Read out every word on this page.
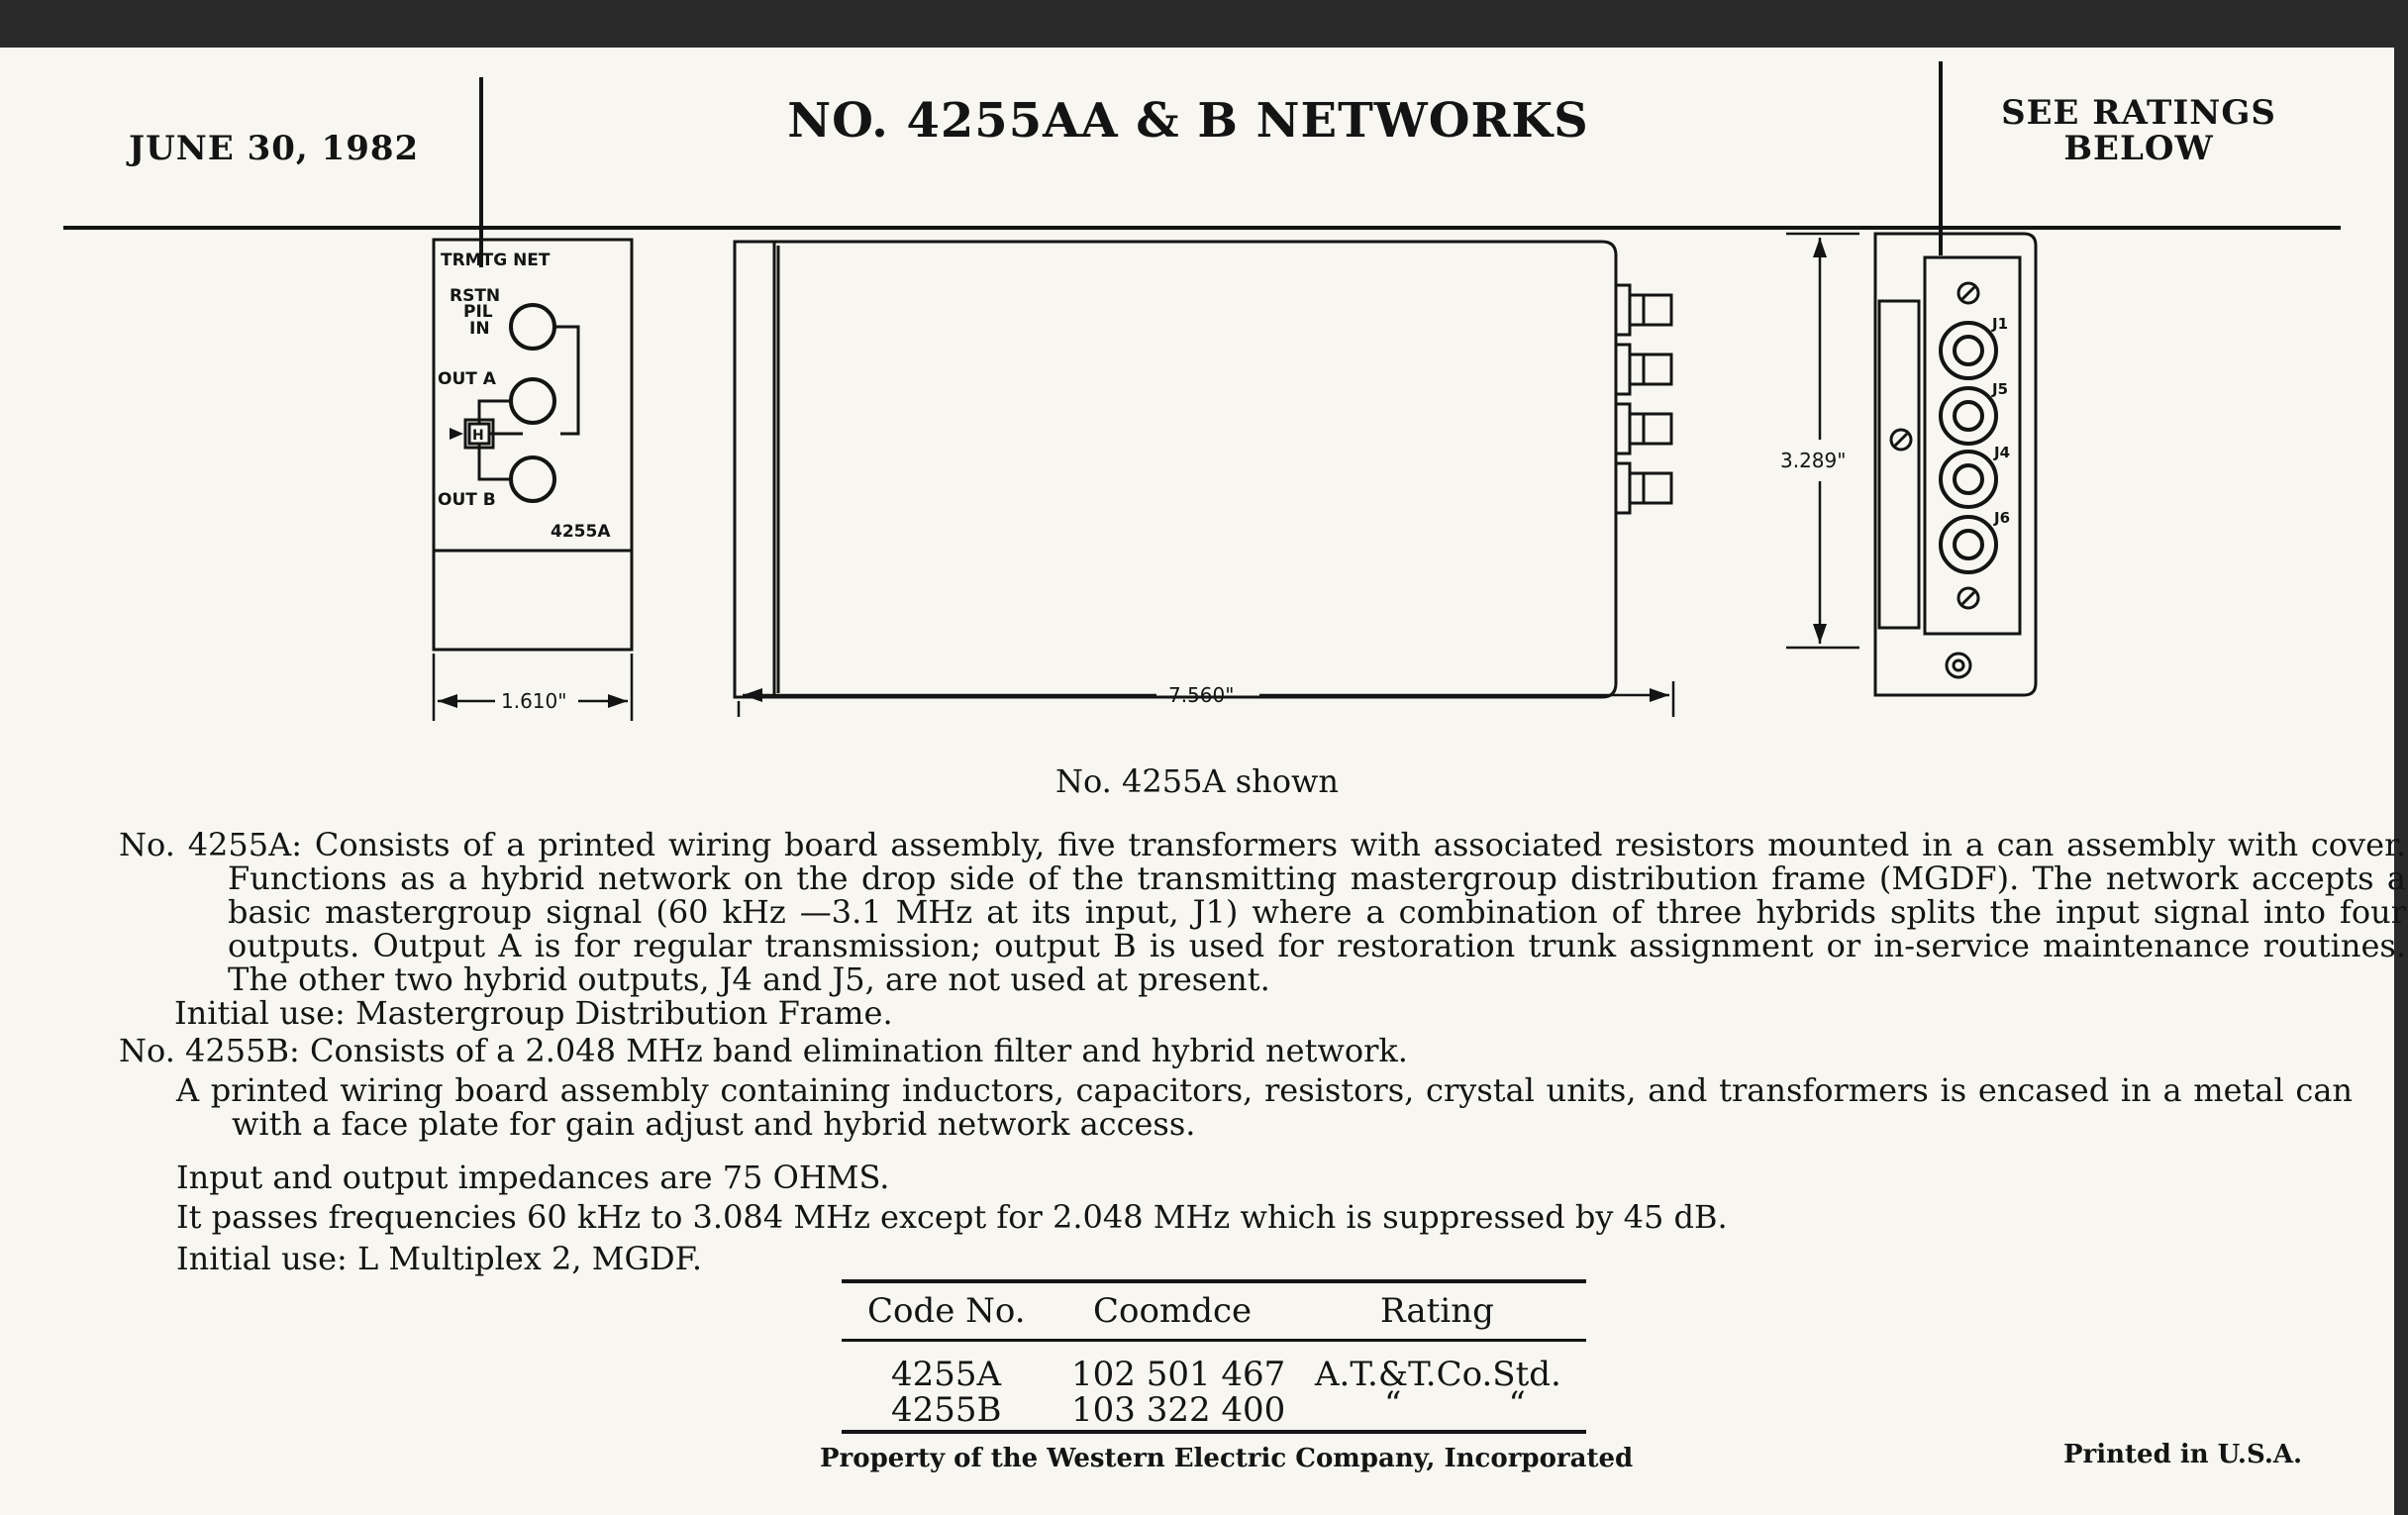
JUNE 30, 1982	NO. 4255AA & B NETWORKS	SEE RATINGS
BELOW
TRMTG NET
RSTN
PIL
IN
OUT A
OUT B
H
4255A
1.610"	7.560"
3.289"
J1
J5
J4
J6
No. 4255A shown
No. 4255A: Consists of a printed wiring board assembly, five transformers with associated resistors mounted in a can assembly with cover. Functions as a hybrid network on the drop side of the transmitting mastergroup distribution frame (MGDF). The network accepts a basic mastergroup signal (60 kHz —3.1 MHz at its input, J1) where a combination of three hybrids splits the input signal into four outputs. Output A is for regular transmission; output B is used for restoration trunk assignment or in-service maintenance routines. The other two hybrid outputs, J4 and J5, are not used at present.
Initial use: Mastergroup Distribution Frame.
No. 4255B: Consists of a 2.048 MHz band elimination filter and hybrid network.
A printed wiring board assembly containing inductors, capacitors, resistors, crystal units, and transformers is encased in a metal can with a face plate for gain adjust and hybrid network access.
Input and output impedances are 75 OHMS.
It passes frequencies 60 kHz to 3.084 MHz except for 2.048 MHz which is suppressed by 45 dB.
Initial use: L Multiplex 2, MGDF.
Code No. Coomdce	Rating
4255A 102 501 467 A.T.&T.Co.Std.
4255B 103 322 400	“          “
Property of the Western Electric Company, Incorporated	Printed in U.S.A.
